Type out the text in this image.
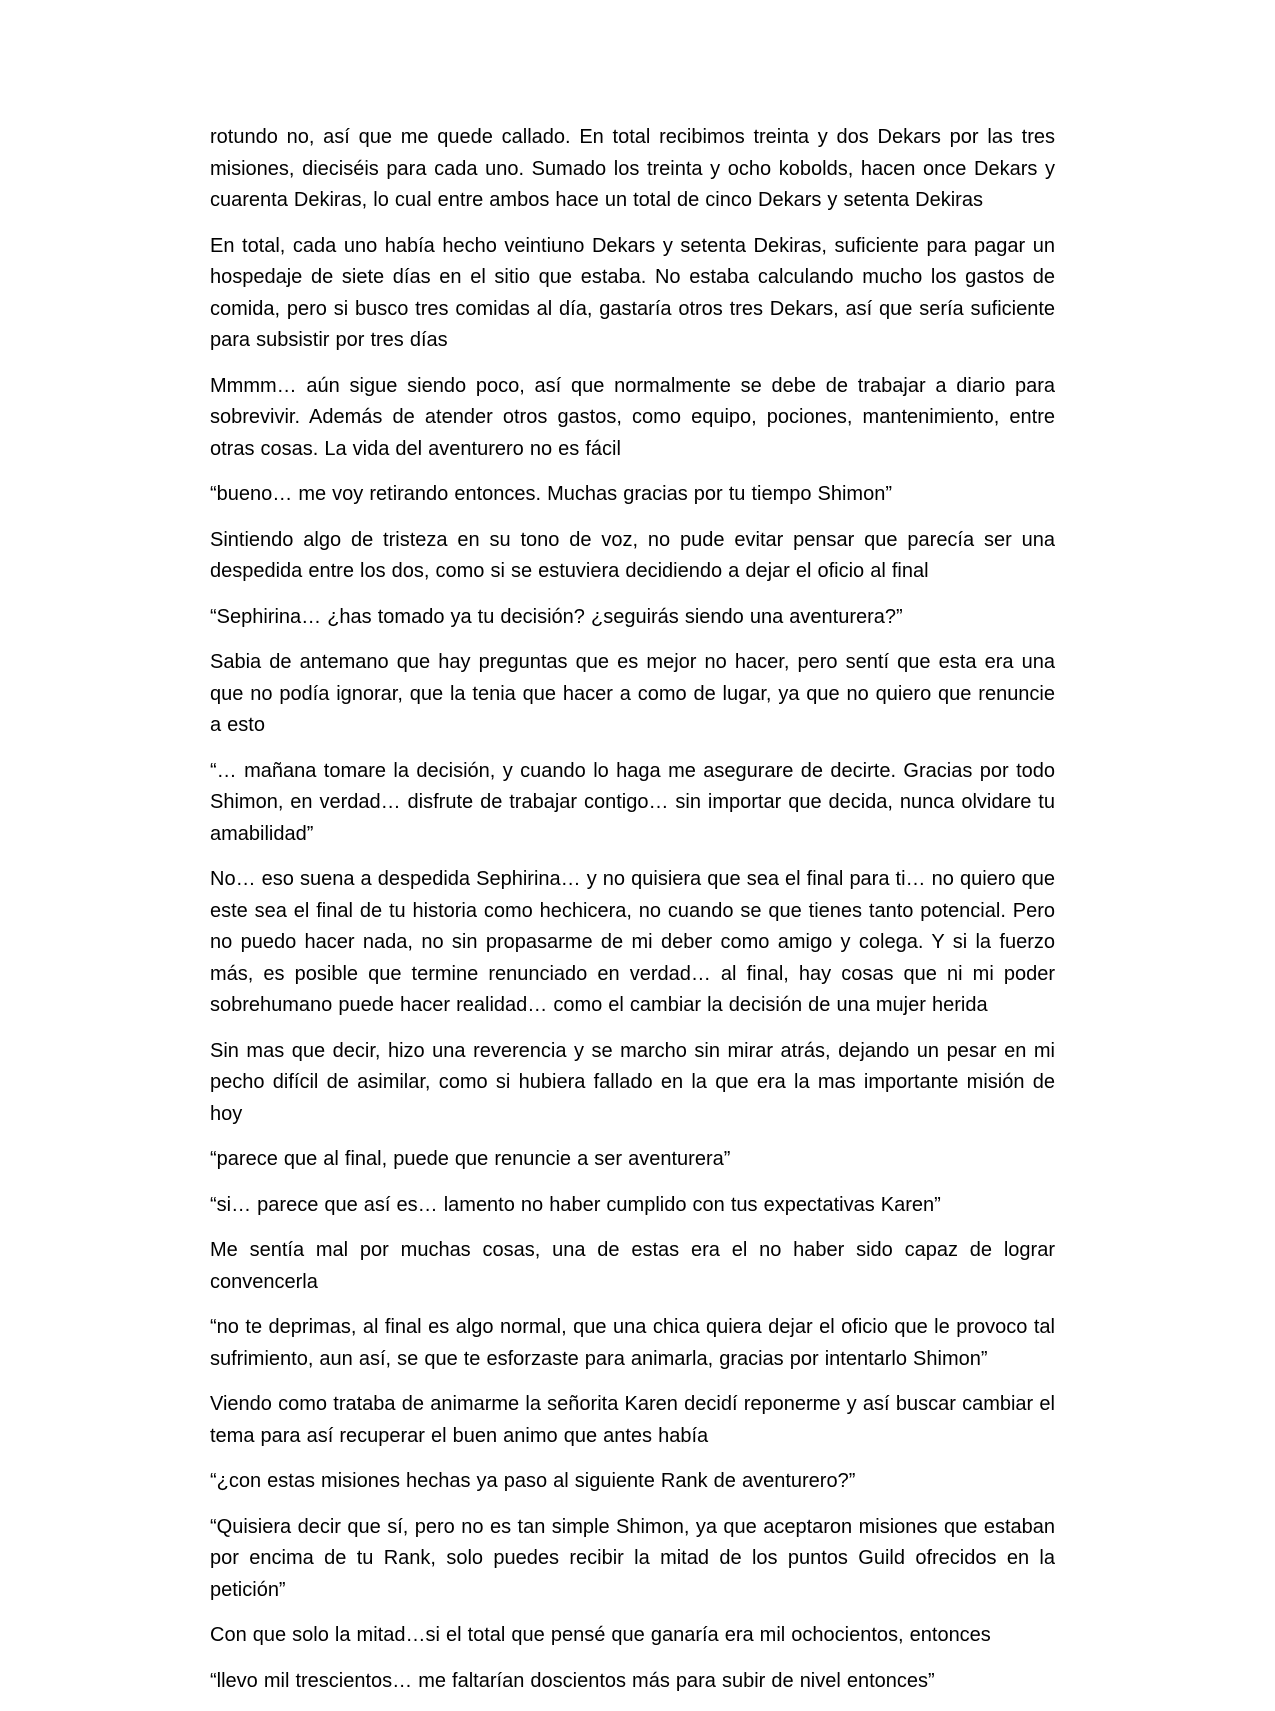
rotundo no, así que me quede callado. En total recibimos treinta y dos Dekars por las tres misiones, dieciséis para cada uno. Sumado los treinta y ocho kobolds, hacen once Dekars y cuarenta Dekiras, lo cual entre ambos hace un total de cinco Dekars y setenta Dekiras

En total, cada uno había hecho veintiuno Dekars y setenta Dekiras, suficiente para pagar un hospedaje de siete días en el sitio que estaba. No estaba calculando mucho los gastos de comida, pero si busco tres comidas al día, gastaría otros tres Dekars, así que sería suficiente para subsistir por tres días

Mmmm… aún sigue siendo poco, así que normalmente se debe de trabajar a diario para sobrevivir. Además de atender otros gastos, como equipo, pociones, mantenimiento, entre otras cosas. La vida del aventurero no es fácil

“bueno… me voy retirando entonces. Muchas gracias por tu tiempo Shimon”

Sintiendo algo de tristeza en su tono de voz, no pude evitar pensar que parecía ser una despedida entre los dos, como si se estuviera decidiendo a dejar el oficio al final

“Sephirina… ¿has tomado ya tu decisión? ¿seguirás siendo una aventurera?”

Sabia de antemano que hay preguntas que es mejor no hacer, pero sentí que esta era una que no podía ignorar, que la tenia que hacer a como de lugar, ya que no quiero que renuncie a esto

“… mañana tomare la decisión, y cuando lo haga me asegurare de decirte. Gracias por todo Shimon, en verdad… disfrute de trabajar contigo… sin importar que decida, nunca olvidare tu amabilidad”

No… eso suena a despedida Sephirina… y no quisiera que sea el final para ti… no quiero que este sea el final de tu historia como hechicera, no cuando se que tienes tanto potencial. Pero no puedo hacer nada, no sin propasarme de mi deber como amigo y colega. Y si la fuerzo más, es posible que termine renunciado en verdad… al final, hay cosas que ni mi poder sobrehumano puede hacer realidad… como el cambiar la decisión de una mujer herida

Sin mas que decir, hizo una reverencia y se marcho sin mirar atrás, dejando un pesar en mi pecho difícil de asimilar, como si hubiera fallado en la que era la mas importante misión de hoy

“parece que al final, puede que renuncie a ser aventurera”

“si… parece que así es… lamento no haber cumplido con tus expectativas Karen”

Me sentía mal por muchas cosas, una de estas era el no haber sido capaz de lograr convencerla

“no te deprimas, al final es algo normal, que una chica quiera dejar el oficio que le provoco tal sufrimiento, aun así, se que te esforzaste para animarla, gracias por intentarlo Shimon”

Viendo como trataba de animarme la señorita Karen decidí reponerme y así buscar cambiar el tema para así recuperar el buen animo que antes había

“¿con estas misiones hechas ya paso al siguiente Rank de aventurero?”

“Quisiera decir que sí, pero no es tan simple Shimon, ya que aceptaron misiones que estaban por encima de tu Rank, solo puedes recibir la mitad de los puntos Guild ofrecidos en la petición”

Con que solo la mitad…si el total que pensé que ganaría era mil ochocientos, entonces

“llevo mil trescientos… me faltarían doscientos más para subir de nivel entonces”
